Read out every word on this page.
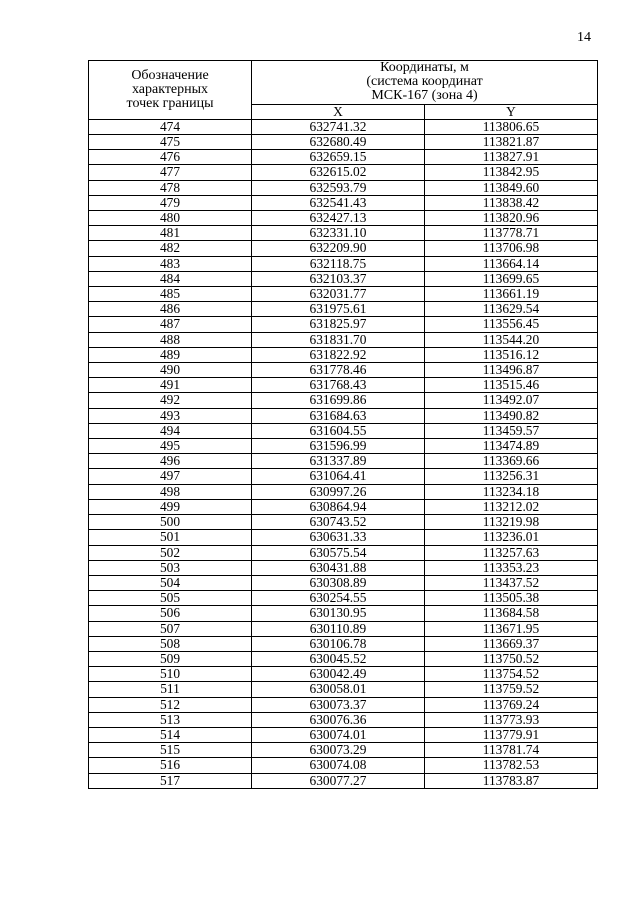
14
Обозначение
характерных
точек границы	Координаты, м
(система координат
МСК-167 (зона 4)	

	X	Y
474	632741.32	113806.65
475	632680.49	113821.87
476	632659.15	113827.91
477	632615.02	113842.95
478	632593.79	113849.60
479	632541.43	113838.42
480	632427.13	113820.96
481	632331.10	113778.71
482	632209.90	113706.98
483	632118.75	113664.14
484	632103.37	113699.65
485	632031.77	113661.19
486	631975.61	113629.54
487	631825.97	113556.45
488	631831.70	113544.20
489	631822.92	113516.12
490	631778.46	113496.87
491	631768.43	113515.46
492	631699.86	113492.07
493	631684.63	113490.82
494	631604.55	113459.57
495	631596.99	113474.89
496	631337.89	113369.66
497	631064.41	113256.31
498	630997.26	113234.18
499	630864.94	113212.02
500	630743.52	113219.98
501	630631.33	113236.01
502	630575.54	113257.63
503	630431.88	113353.23
504	630308.89	113437.52
505	630254.55	113505.38
506	630130.95	113684.58
507	630110.89	113671.95
508	630106.78	113669.37
509	630045.52	113750.52
510	630042.49	113754.52
511	630058.01	113759.52
512	630073.37	113769.24
513	630076.36	113773.93
514	630074.01	113779.91
515	630073.29	113781.74
516	630074.08	113782.53
517	630077.27	113783.87
